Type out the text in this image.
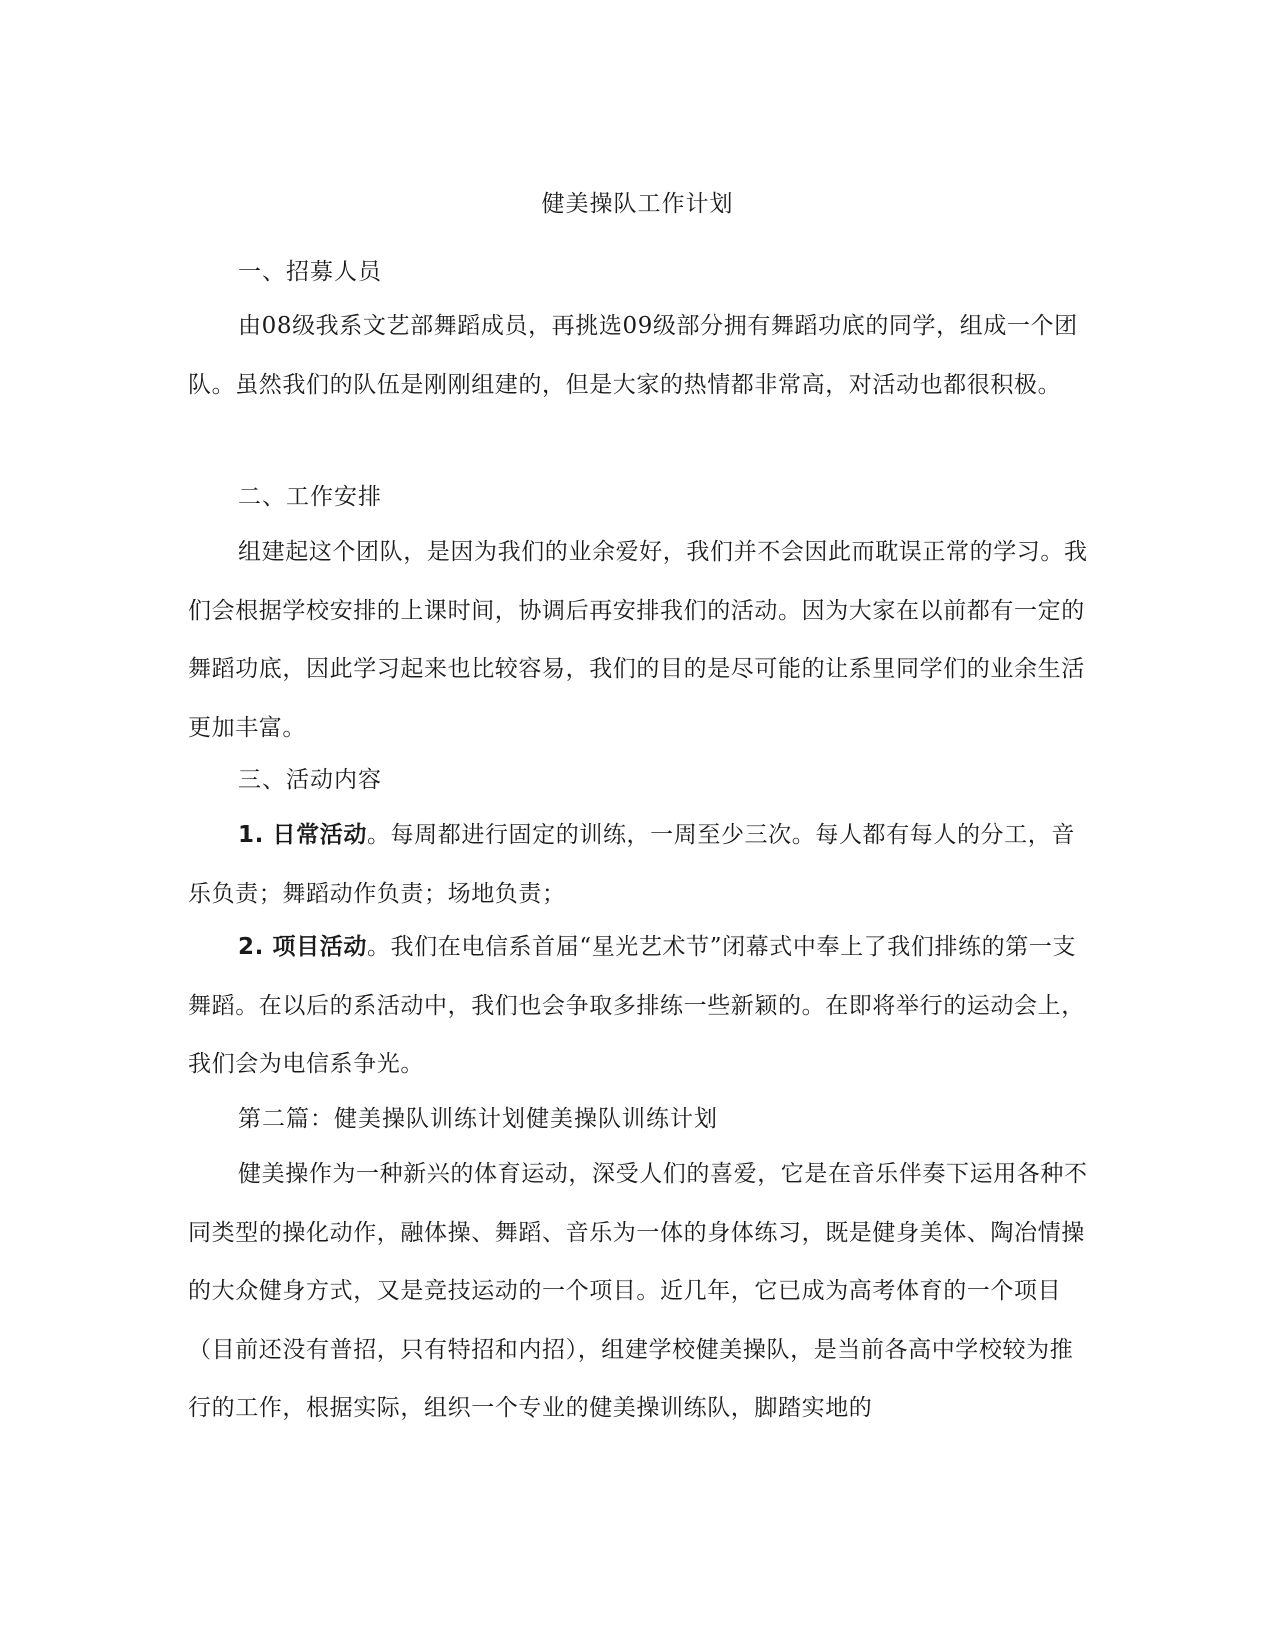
健美操队工作计划
一、招募人员

由08级我系文艺部舞蹈成员，再挑选09级部分拥有舞蹈功底的同学，组成一个团队。虽然我们的队伍是刚刚组建的，但是大家的热情都非常高，对活动也都很积极。

二、工作安排

组建起这个团队，是因为我们的业余爱好，我们并不会因此而耽误正常的学习。我们会根据学校安排的上课时间，协调后再安排我们的活动。因为大家在以前都有一定的舞蹈功底，因此学习起来也比较容易，我们的目的是尽可能的让系里同学们的业余生活更加丰富。

三、活动内容

1. 日常活动。每周都进行固定的训练，一周至少三次。每人都有每人的分工，音乐负责；舞蹈动作负责；场地负责；

2. 项目活动。我们在电信系首届“星光艺术节”闭幕式中奉上了我们排练的第一支舞蹈。在以后的系活动中，我们也会争取多排练一些新颖的。在即将举行的运动会上，我们会为电信系争光。

第二篇：健美操队训练计划健美操队训练计划

健美操作为一种新兴的体育运动，深受人们的喜爱，它是在音乐伴奏下运用各种不同类型的操化动作，融体操、舞蹈、音乐为一体的身体练习，既是健身美体、陶冶情操的大众健身方式，又是竞技运动的一个项目。近几年，它已成为高考体育的一个项目（目前还没有普招，只有特招和内招），组建学校健美操队，是当前各高中学校较为推行的工作，根据实际，组织一个专业的健美操训练队，脚踏实地的
